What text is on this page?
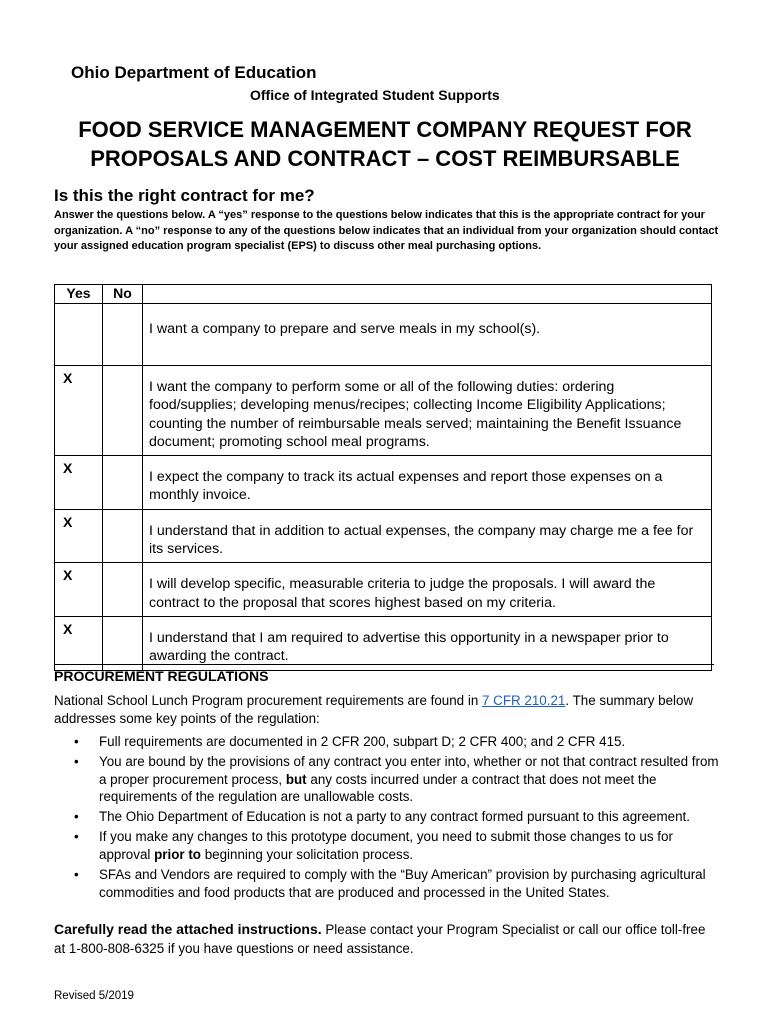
Ohio Department of Education
Office of Integrated Student Supports
FOOD SERVICE MANAGEMENT COMPANY REQUEST FOR
PROPOSALS AND CONTRACT – COST REIMBURSABLE
Is this the right contract for me?
Answer the questions below. A “yes” response to the questions below indicates that this is the appropriate contract for your organization. A “no” response to any of the questions below indicates that an individual from your organization should contact your assigned education program specialist (EPS) to discuss other meal purchasing options.
Yes	No	
		I want a company to prepare and serve meals in my school(s).
X		I want the company to perform some or all of the following duties: ordering food/supplies; developing menus/recipes; collecting Income Eligibility Applications; counting the number of reimbursable meals served; maintaining the Benefit Issuance document; promoting school meal programs.
X		I expect the company to track its actual expenses and report those expenses on a monthly invoice.
X		I understand that in addition to actual expenses, the company may charge me a fee for its services.
X		I will develop specific, measurable criteria to judge the proposals. I will award the contract to the proposal that scores highest based on my criteria.
X		I understand that I am required to advertise this opportunity in a newspaper prior to awarding the contract.
PROCUREMENT REGULATIONS
National School Lunch Program procurement requirements are found in 7 CFR 210.21. The summary below addresses some key points of the regulation:
• Full requirements are documented in 2 CFR 200, subpart D; 2 CFR 400; and 2 CFR 415.
• You are bound by the provisions of any contract you enter into, whether or not that contract resulted from a proper procurement process, but any costs incurred under a contract that does not meet the requirements of the regulation are unallowable costs.
• The Ohio Department of Education is not a party to any contract formed pursuant to this agreement.
• If you make any changes to this prototype document, you need to submit those changes to us for approval prior to beginning your solicitation process.
• SFAs and Vendors are required to comply with the “Buy American” provision by purchasing agricultural commodities and food products that are produced and processed in the United States.
Carefully read the attached instructions. Please contact your Program Specialist or call our office toll-free at 1-800-808-6325 if you have questions or need assistance.
Revised 5/2019
